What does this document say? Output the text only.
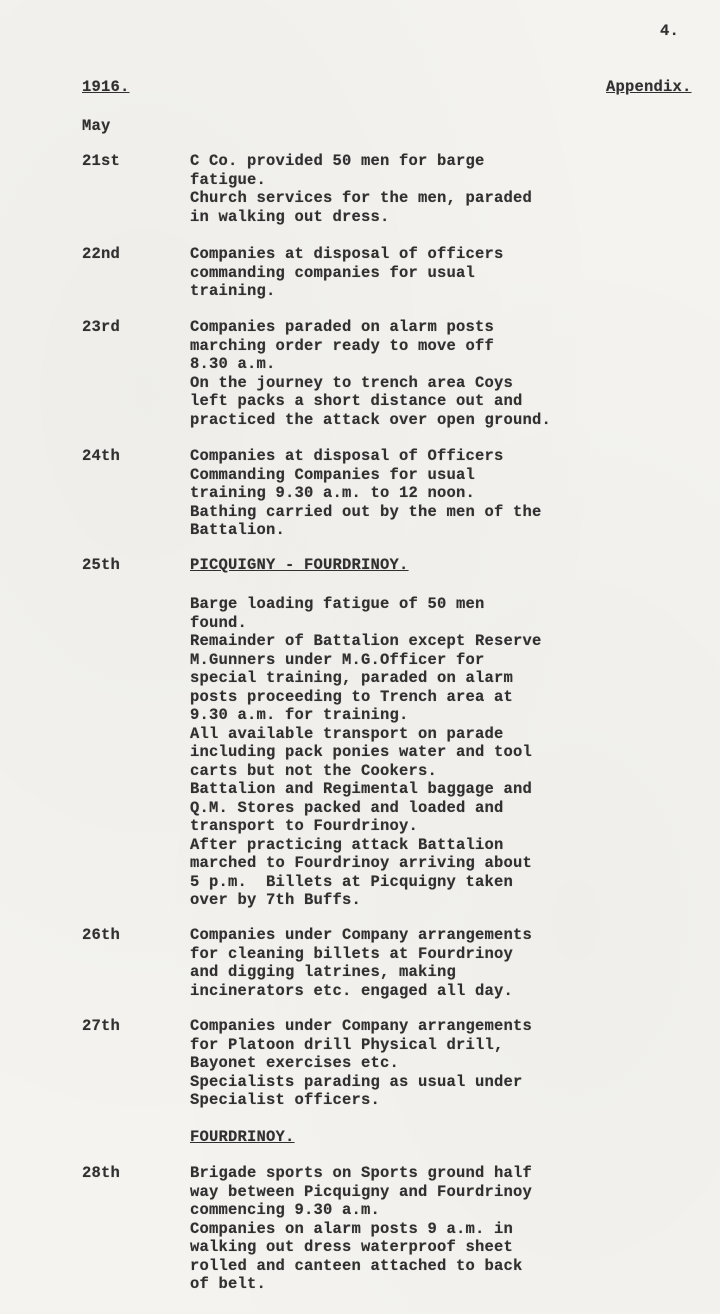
4.
1916.	Appendix.
May
21st	C Co. provided 50 men for barge
fatigue.
Church services for the men, paraded
in walking out dress.
22nd	Companies at disposal of officers
commanding companies for usual
training.
23rd	Companies paraded on alarm posts
marching order ready to move off
8.30 a.m.
On the journey to trench area Coys
left packs a short distance out and
practiced the attack over open ground.
24th	Companies at disposal of Officers
Commanding Companies for usual
training 9.30 a.m. to 12 noon.
Bathing carried out by the men of the
Battalion.
25th	PICQUIGNY - FOURDRINOY.
Barge loading fatigue of 50 men
found.
Remainder of Battalion except Reserve
M.Gunners under M.G.Officer for
special training, paraded on alarm
posts proceeding to Trench area at
9.30 a.m. for training.
All available transport on parade
including pack ponies water and tool
carts but not the Cookers.
Battalion and Regimental baggage and
Q.M. Stores packed and loaded and
transport to Fourdrinoy.
After practicing attack Battalion
marched to Fourdrinoy arriving about
5 p.m.  Billets at Picquigny taken
over by 7th Buffs.
26th	Companies under Company arrangements
for cleaning billets at Fourdrinoy
and digging latrines, making
incinerators etc. engaged all day.
27th	Companies under Company arrangements
for Platoon drill Physical drill,
Bayonet exercises etc.
Specialists parading as usual under
Specialist officers.
FOURDRINOY.
28th	Brigade sports on Sports ground half
way between Picquigny and Fourdrinoy
commencing 9.30 a.m.
Companies on alarm posts 9 a.m. in
walking out dress waterproof sheet
rolled and canteen attached to back
of belt.
